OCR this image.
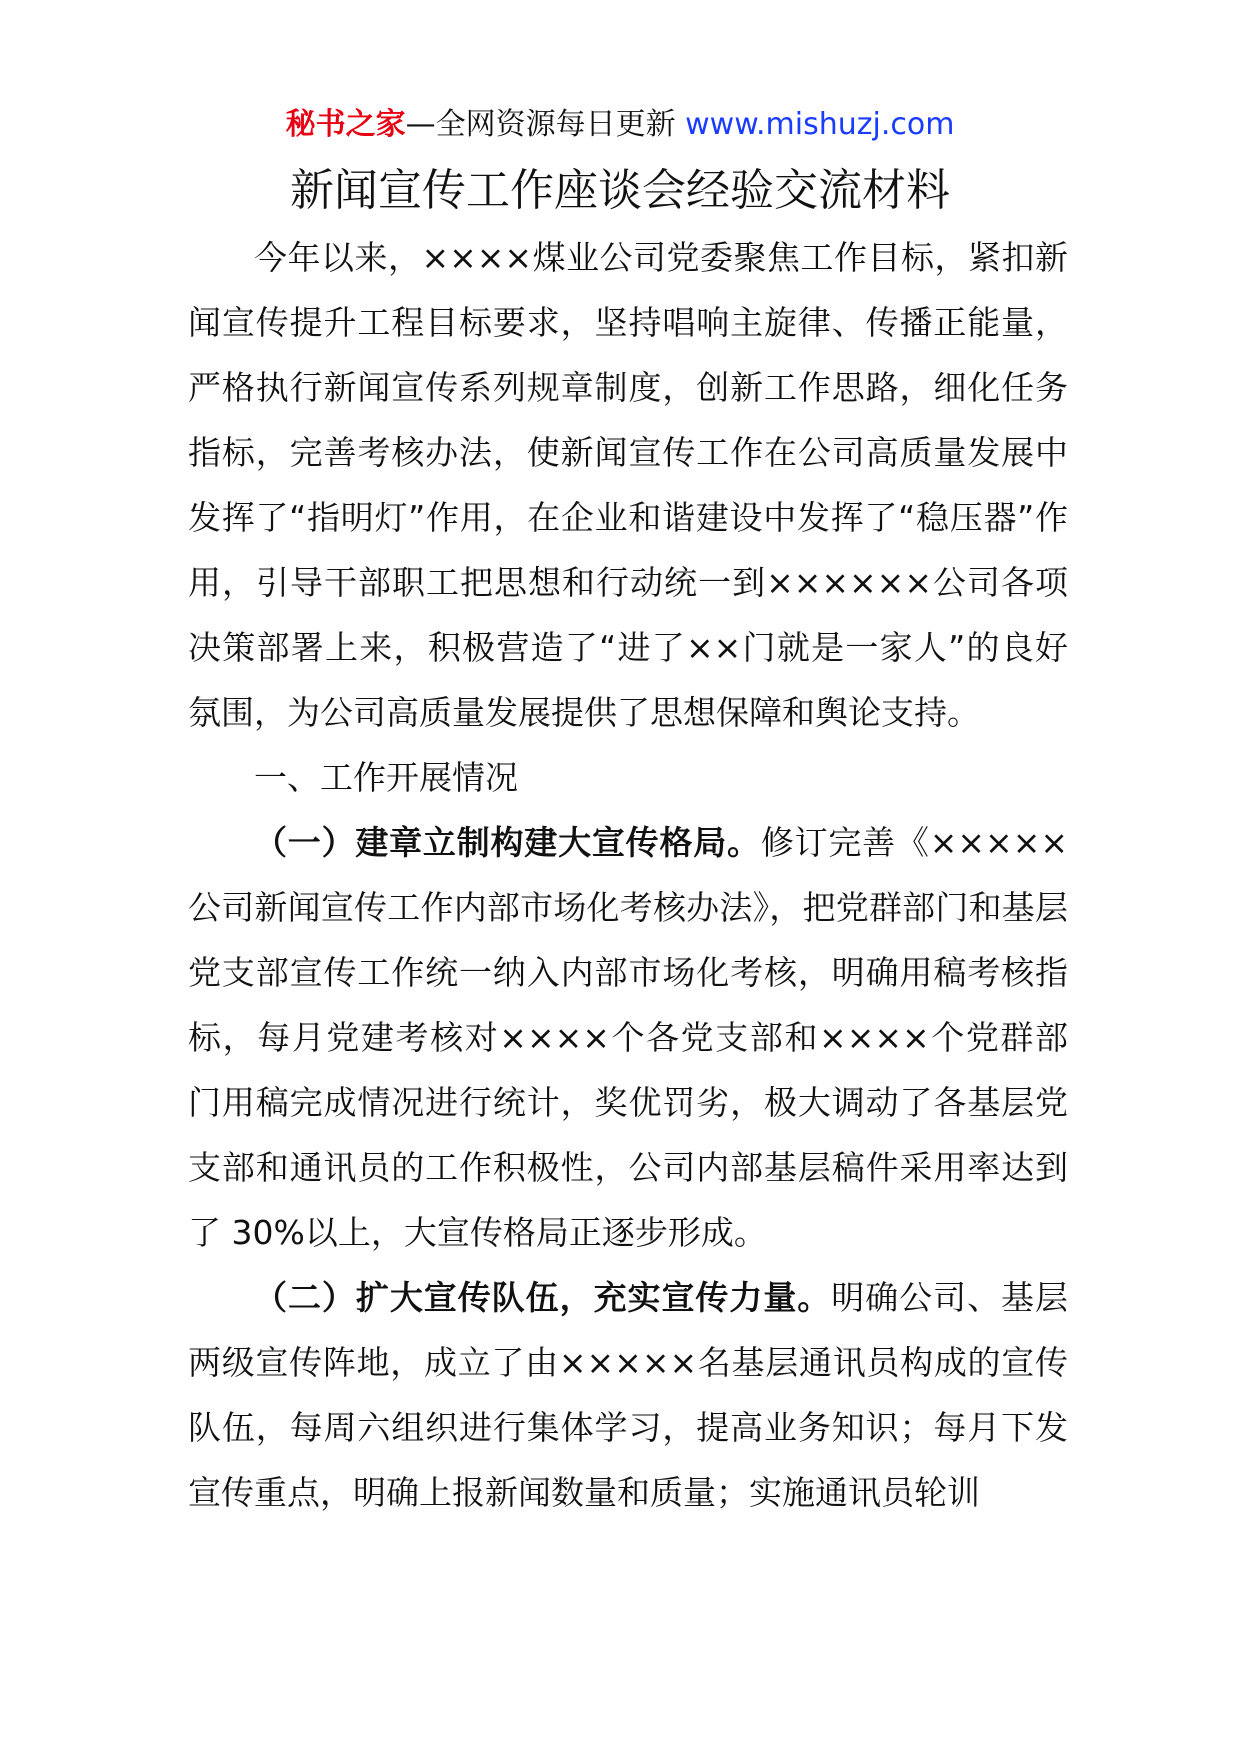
秘书之家—全网资源每日更新 www.mishuzj.com
新闻宣传工作座谈会经验交流材料

今年以来，××××煤业公司党委聚焦工作目标，紧扣新闻宣传提升工程目标要求，坚持唱响主旋律、传播正能量，严格执行新闻宣传系列规章制度，创新工作思路，细化任务指标，完善考核办法，使新闻宣传工作在公司高质量发展中发挥了“指明灯”作用，在企业和谐建设中发挥了“稳压器”作用，引导干部职工把思想和行动统一到××××××公司各项决策部署上来，积极营造了“进了××门就是一家人”的良好氛围，为公司高质量发展提供了思想保障和舆论支持。

一、工作开展情况

（一）建章立制构建大宣传格局。修订完善《×××××公司新闻宣传工作内部市场化考核办法》，把党群部门和基层党支部宣传工作统一纳入内部市场化考核，明确用稿考核指标，每月党建考核对××××个各党支部和××××个党群部门用稿完成情况进行统计，奖优罚劣，极大调动了各基层党支部和通讯员的工作积极性，公司内部基层稿件采用率达到了 30%以上，大宣传格局正逐步形成。

（二）扩大宣传队伍，充实宣传力量。明确公司、基层两级宣传阵地，成立了由×××××名基层通讯员构成的宣传队伍，每周六组织进行集体学习，提高业务知识；每月下发宣传重点，明确上报新闻数量和质量；实施通讯员轮训
